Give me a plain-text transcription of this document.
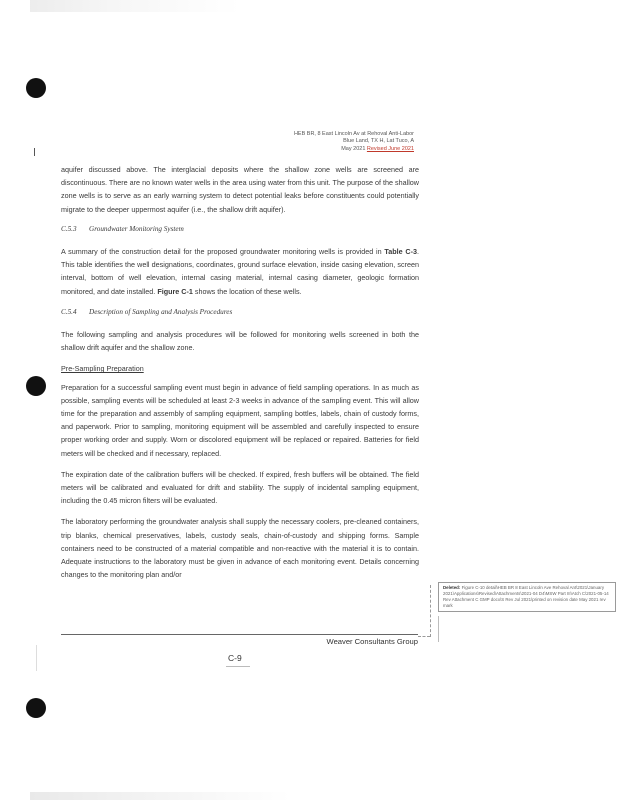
HEB BR, 8 East Lincoln Av at Rehoval Anti-Labor
Blue Land, TX H, Lat Tuco, A
May 2021 Revised June 2021

aquifer discussed above. The interglacial deposits where the shallow zone wells are screened are discontinuous. There are no known water wells in the area using water from this unit. The purpose of the shallow zone wells is to serve as an early warning system to detect potential leaks before constituents could potentially migrate to the deeper uppermost aquifer (i.e., the shallow drift aquifer).

C.5.3 Groundwater Monitoring System

A summary of the construction detail for the proposed groundwater monitoring wells is provided in Table C-3. This table identifies the well designations, coordinates, ground surface elevation, inside casing elevation, screen interval, bottom of well elevation, internal casing material, internal casing diameter, geologic formation monitored, and date installed. Figure C-1 shows the location of these wells.

C.5.4 Description of Sampling and Analysis Procedures

The following sampling and analysis procedures will be followed for monitoring wells screened in both the shallow drift aquifer and the shallow zone.

Pre-Sampling Preparation

Preparation for a successful sampling event must begin in advance of field sampling operations. In as much as possible, sampling events will be scheduled at least 2-3 weeks in advance of the sampling event. This will allow time for the preparation and assembly of sampling equipment, sampling bottles, labels, chain of custody forms, and paperwork. Prior to sampling, monitoring equipment will be assembled and carefully inspected to ensure proper working order and supply. Worn or discolored equipment will be replaced or repaired. Batteries for field meters will be checked and if necessary, replaced.

The expiration date of the calibration buffers will be checked. If expired, fresh buffers will be obtained. The field meters will be calibrated and evaluated for drift and stability. The supply of incidental sampling equipment, including the 0.45 micron filters will be evaluated.

The laboratory performing the groundwater analysis shall supply the necessary coolers, pre-cleaned containers, trip blanks, chemical preservatives, labels, custody seals, chain-of-custody and shipping forms. Sample containers need to be constructed of a material compatible and non-reactive with the material it is to contain. Adequate instructions to the laboratory must be given in advance of each monitoring event. Details concerning changes to the monitoring plan and/or

Weaver Consultants Group
C-9
Deleted: Figure C-10 detail\HEB BR 8 East Lincoln Ave Rehoval Ant\2021\January 2021\Applications\Revised\Attachments\2021-04 D4\MSW Part III\Atch C\2021-05-14 Rev Attachment C GMP docx\S Rev Jul 2021\printed on revision date May 2021 rev mark
